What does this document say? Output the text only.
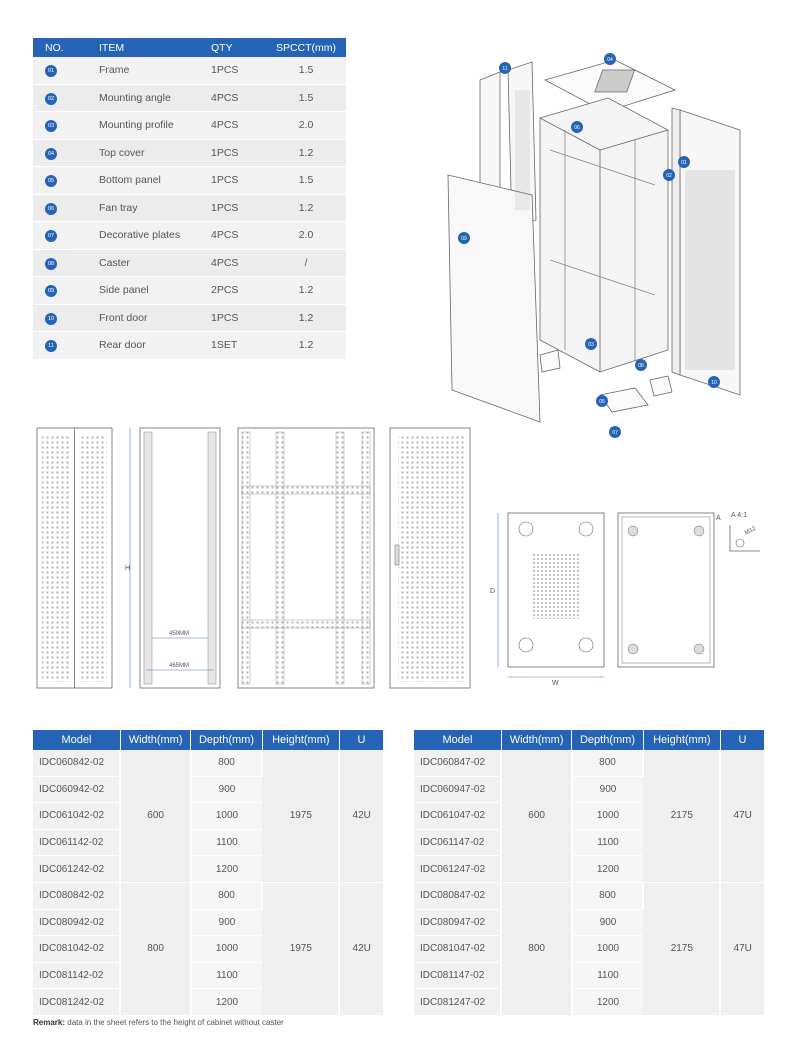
NO.	ITEM	QTY	SPCCT(mm)
01	Frame	1PCS	1.5
02	Mounting angle	4PCS	1.5
03	Mounting profile	4PCS	2.0
04	Top cover	1PCS	1.2
05	Bottom panel	1PCS	1.5
06	Fan tray	1PCS	1.2
07	Decorative plates	4PCS	2.0
08	Caster	4PCS	/
09	Side panel	2PCS	1.2
10	Front door	1PCS	1.2
11	Rear door	1SET	1.2
11
04
06
01
02
09
03
08
10
05
07
H
450MM
465MM
D
W
A A 4:1
M12
Model	Width(mm)	Depth(mm)	Height(mm)	U
IDC060842-02	600	800	1975	42U
IDC060942-02		900		
IDC061042-02		1000		
IDC061142-02		1100		
IDC061242-02		1200		
IDC080842-02	800	800	1975	42U
IDC080942-02		900		
IDC081042-02		1000		
IDC081142-02		1100		
IDC081242-02		1200		
Model	Width(mm)	Depth(mm)	Height(mm)	U
IDC060847-02	600	800	2175	47U
IDC060947-02		900		
IDC061047-02		1000		
IDC061147-02		1100		
IDC061247-02		1200		
IDC080847-02	800	800	2175	47U
IDC080947-02		900		
IDC081047-02		1000		
IDC081147-02		1100		
IDC081247-02		1200		
Remark: data in the sheet refers to the height of cabinet without caster
